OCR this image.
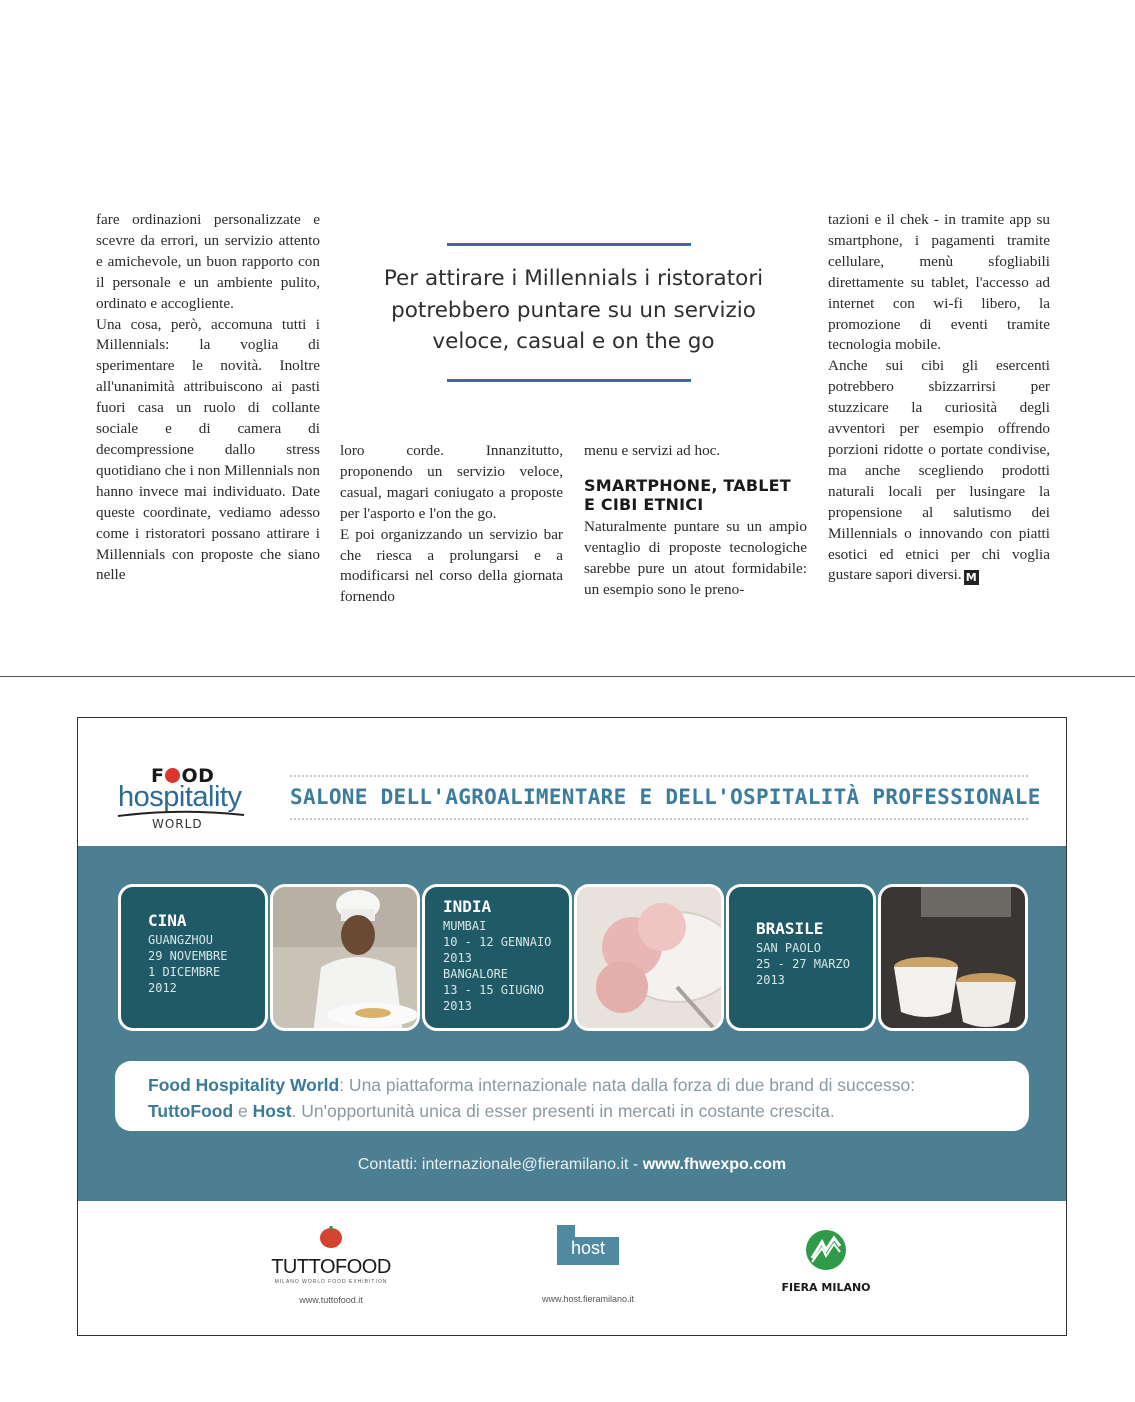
fare ordinazioni personalizzate e scevre da errori, un servizio attento e amichevole, un buon rapporto con il personale e un ambiente pulito, ordinato e accogliente.

Una cosa, però, accomuna tutti i Millennials: la voglia di sperimentare le novità. Inoltre all'unanimità attribuiscono ai pasti fuori casa un ruolo di collante sociale e di camera di decompressione dallo stress quotidiano che i non Millennials non hanno invece mai individuato. Date queste coordinate, vediamo adesso come i ristoratori possano attirare i Millennials con proposte che siano nelle

Per attirare i Millennials i ristoratori
potrebbero puntare su un servizio
veloce, casual e on the go

loro corde. Innanzitutto, proponendo un servizio veloce, casual, magari coniugato a proposte per l'asporto e l'on the go.

E poi organizzando un servizio bar che riesca a prolungarsi e a modificarsi nel corso della giornata fornendo

menu e servizi ad hoc.

SMARTPHONE, TABLET
E CIBI ETNICI

Naturalmente puntare su un ampio ventaglio di proposte tecnologiche sarebbe pure un atout formidabile: un esempio sono le preno-

tazioni e il chek - in tramite app su smartphone, i pagamenti tramite cellulare, menù sfogliabili direttamente su tablet, l'accesso ad internet con wi-fi libero, la promozione di eventi tramite tecnologia mobile.

Anche sui cibi gli esercenti potrebbero sbizzarrirsi per stuzzicare la curiosità degli avventori per esempio offrendo porzioni ridotte o portate condivise, ma anche scegliendo prodotti naturali locali per lusingare la propensione al salutismo dei Millennials o innovando con piatti esotici ed etnici per chi voglia gustare sapori diversi. M

F OD
hospitality
WORLD
SALONE DELL'AGROALIMENTARE E DELL'OSPITALITÀ PROFESSIONALE
CINA
GUANGZHOU
29 NOVEMBRE
1 DICEMBRE
2012
INDIA
MUMBAI
10 - 12 GENNAIO
2013
BANGALORE
13 - 15 GIUGNO
2013
BRASILE
SAN PAOLO
25 - 27 MARZO
2013
Food Hospitality World: Una piattaforma internazionale nata dalla forza di due brand di successo:
TuttoFood e Host. Un'opportunità unica di esser presenti in mercati in costante crescita.
Contatti: internazionale@fieramilano.it - www.fhwexpo.com
TUTTOFOOD
MILANO WORLD FOOD EXHIBITION
www.tuttofood.it
host
www.host.fieramilano.it
FIERA MILANO
